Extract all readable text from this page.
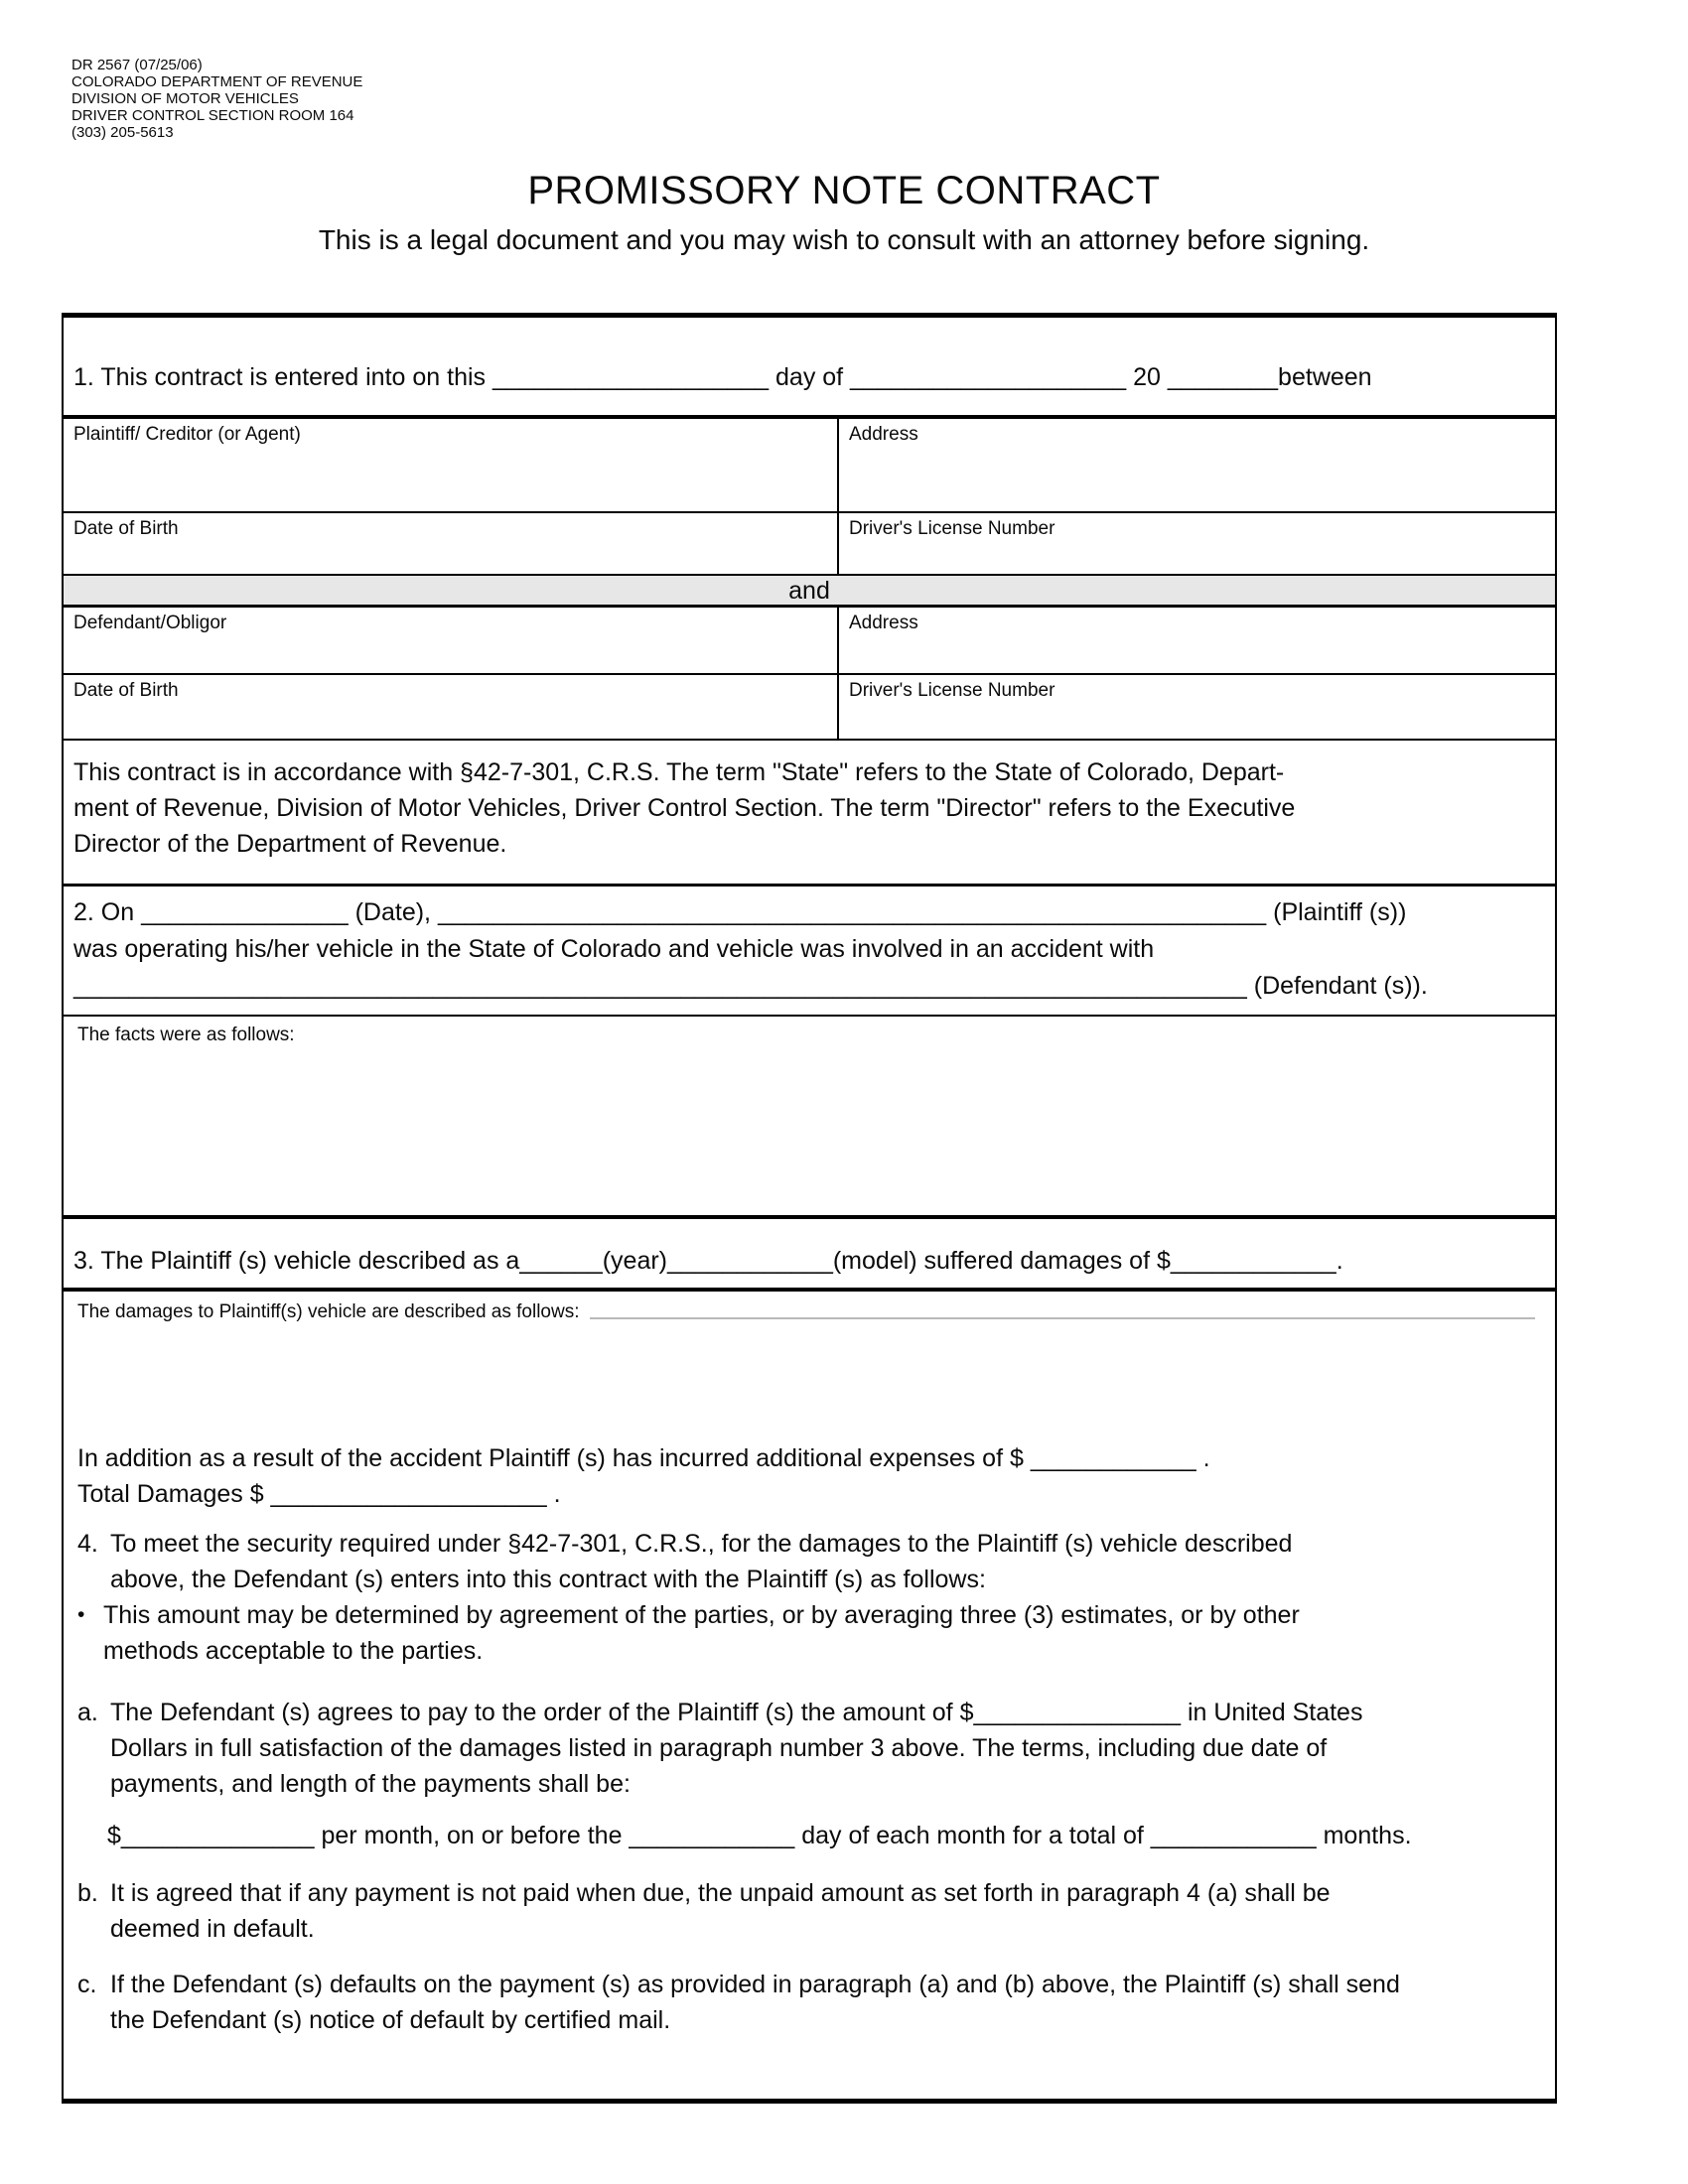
DR 2567 (07/25/06)
COLORADO DEPARTMENT OF REVENUE
DIVISION OF MOTOR VEHICLES
DRIVER CONTROL SECTION ROOM 164
(303) 205-5613
PROMISSORY NOTE CONTRACT
This is a legal document and you may wish to consult with an attorney before signing.
1. This contract is entered into on this ____________________ day of ____________________ 20 ________between
Plaintiff/ Creditor (or Agent)	Address
Date of Birth	Driver's License Number
and
Defendant/Obligor	Address
Date of Birth	Driver's License Number
This contract is in accordance with §42-7-301, C.R.S. The term "State" refers to the State of Colorado, Depart-
ment of Revenue, Division of Motor Vehicles, Driver Control Section. The term "Director" refers to the Executive
Director of the Department of Revenue.
2. On _______________ (Date), ____________________________________________________________ (Plaintiff (s))
was operating his/her vehicle in the State of Colorado and vehicle was involved in an accident with
_____________________________________________________________________________________ (Defendant (s)).
The facts were as follows:
3. The Plaintiff (s) vehicle described as a______(year)____________(model) suffered damages of $____________.
The damages to Plaintiff(s) vehicle are described as follows:
In addition as a result of the accident Plaintiff (s) has incurred additional expenses of $ ____________ .
Total Damages $ ____________________ .
4. To meet the security required under §42-7-301, C.R.S., for the damages to the Plaintiff (s) vehicle described
above, the Defendant (s) enters into this contract with the Plaintiff (s) as follows:
• This amount may be determined by agreement of the parties, or by averaging three (3) estimates, or by other
methods acceptable to the parties.
a. The Defendant (s) agrees to pay to the order of the Plaintiff (s) the amount of $_______________ in United States
Dollars in full satisfaction of the damages listed in paragraph number 3 above. The terms, including due date of
payments, and length of the payments shall be:
$______________ per month, on or before the ____________ day of each month for a total of ____________ months.
b. It is agreed that if any payment is not paid when due, the unpaid amount as set forth in paragraph 4 (a) shall be
deemed in default.
c. If the Defendant (s) defaults on the payment (s) as provided in paragraph (a) and (b) above, the Plaintiff (s) shall send
the Defendant (s) notice of default by certified mail.
